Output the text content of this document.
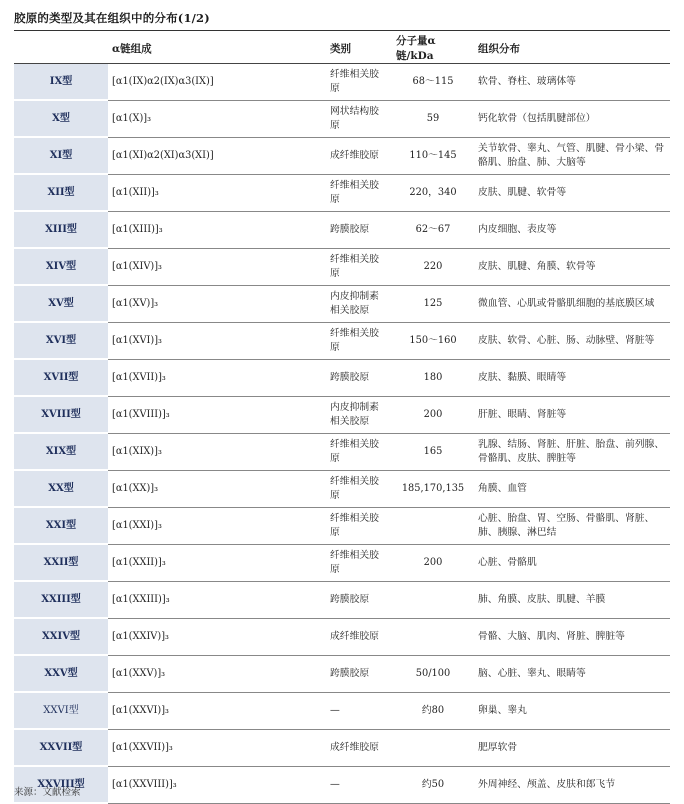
胶原的类型及其在组织中的分布(1/2)
	α链组成	类别	分子量α链/kDa	组织分布
IX型	[α1(IX)α2(IX)α3(IX)]	纤维相关胶原	68～115	软骨、脊柱、玻璃体等
X型	[α1(X)]₃	网状结构胶原	59	钙化软骨（包括肌腱部位）
XI型	[α1(XI)α2(XI)α3(XI)]	成纤维胶原	110～145	关节软骨、睾丸、气管、肌腱、骨小梁、骨骼肌、胎盘、肺、大脑等
XII型	[α1(XII)]₃	纤维相关胶原	220，340	皮肤、肌腱、软骨等
XIII型	[α1(XIII)]₃	跨膜胶原	62～67	内皮细胞、表皮等
XIV型	[α1(XIV)]₃	纤维相关胶原	220	皮肤、肌腱、角膜、软骨等
XV型	[α1(XV)]₃	内皮抑制素相关胶原	125	微血管、心肌或骨骼肌细胞的基底膜区域
XVI型	[α1(XVI)]₃	纤维相关胶原	150～160	皮肤、软骨、心脏、肠、动脉壁、肾脏等
XVII型	[α1(XVII)]₃	跨膜胶原	180	皮肤、黏膜、眼睛等
XVIII型	[α1(XVIII)]₃	内皮抑制素相关胶原	200	肝脏、眼睛、肾脏等
XIX型	[α1(XIX)]₃	纤维相关胶原	165	乳腺、结肠、肾脏、肝脏、胎盘、前列腺、骨骼肌、皮肤、脾脏等
XX型	[α1(XX)]₃	纤维相关胶原	185,170,135	角膜、血管
XXI型	[α1(XXI)]₃	纤维相关胶原		心脏、胎盘、胃、空肠、骨骼肌、肾脏、肺、胰腺、淋巴结
XXII型	[α1(XXII)]₃	纤维相关胶原	200	心脏、骨骼肌
XXIII型	[α1(XXIII)]₃	跨膜胶原		肺、角膜、皮肤、肌腱、羊膜
XXIV型	[α1(XXIV)]₃	成纤维胶原		骨骼、大脑、肌肉、肾脏、脾脏等
XXV型	[α1(XXV)]₃	跨膜胶原	50/100	脑、心脏、睾丸、眼睛等
XXVI型	[α1(XXVI)]₃	—	约80	卵巢、睾丸
XXVII型	[α1(XXVII)]₃	成纤维胶原		肥厚软骨
XXVIII型	[α1(XXVIII)]₃	—	约50	外周神经、颅盖、皮肤和郎飞节
来源：文献检索
